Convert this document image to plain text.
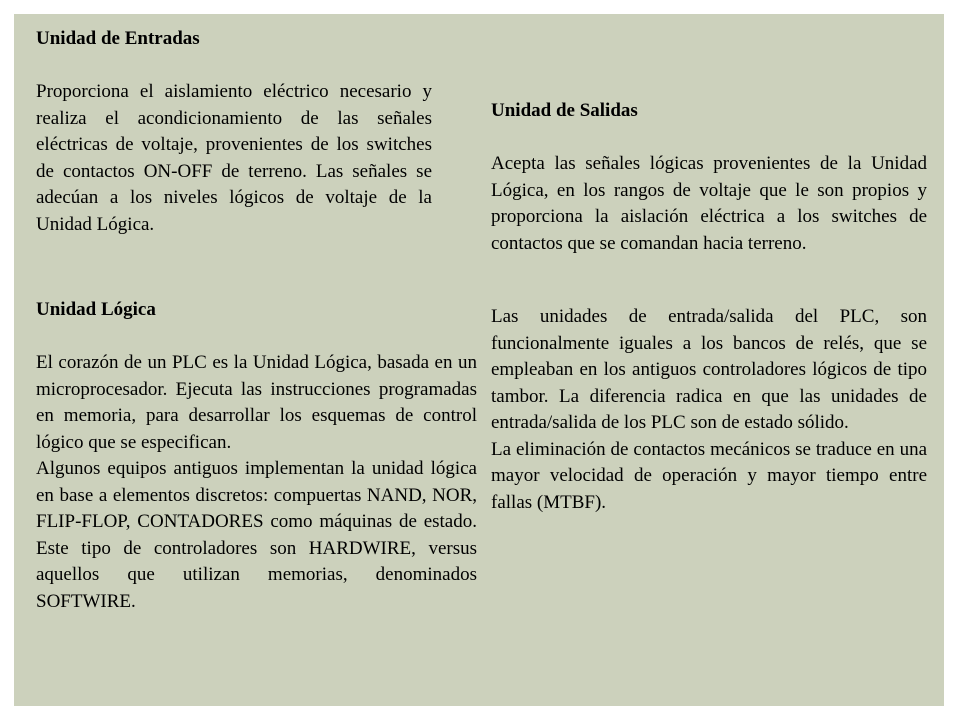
Unidad de Entradas

Proporciona el aislamiento eléctrico necesario y realiza el acondicionamiento de las señales eléctricas de voltaje, provenientes de los switches de contactos ON-OFF de terreno. Las señales se adecúan a los niveles lógicos de voltaje de la Unidad Lógica.

Unidad de Salidas

Acepta las señales lógicas provenientes de la Unidad Lógica, en los rangos de voltaje que le son propios y proporciona la aislación eléctrica a los switches de contactos que se comandan hacia terreno.

Las unidades de entrada/salida del PLC, son funcionalmente iguales a los bancos de relés, que se empleaban en los antiguos controladores lógicos de tipo tambor. La diferencia radica en que las unidades de entrada/salida de los PLC son de estado sólido.

La eliminación de contactos mecánicos se traduce en una mayor velocidad de operación y mayor tiempo entre fallas (MTBF).

Unidad Lógica

El corazón de un PLC es la Unidad Lógica, basada en un microprocesador. Ejecuta las instrucciones programadas en memoria, para desarrollar los esquemas de control lógico que se especifican.

Algunos equipos antiguos implementan la unidad lógica en base a elementos discretos: compuertas NAND, NOR, FLIP-FLOP, CONTADORES como máquinas de estado. Este tipo de controladores son HARDWIRE, versus aquellos que utilizan memorias, denominados SOFTWIRE.
